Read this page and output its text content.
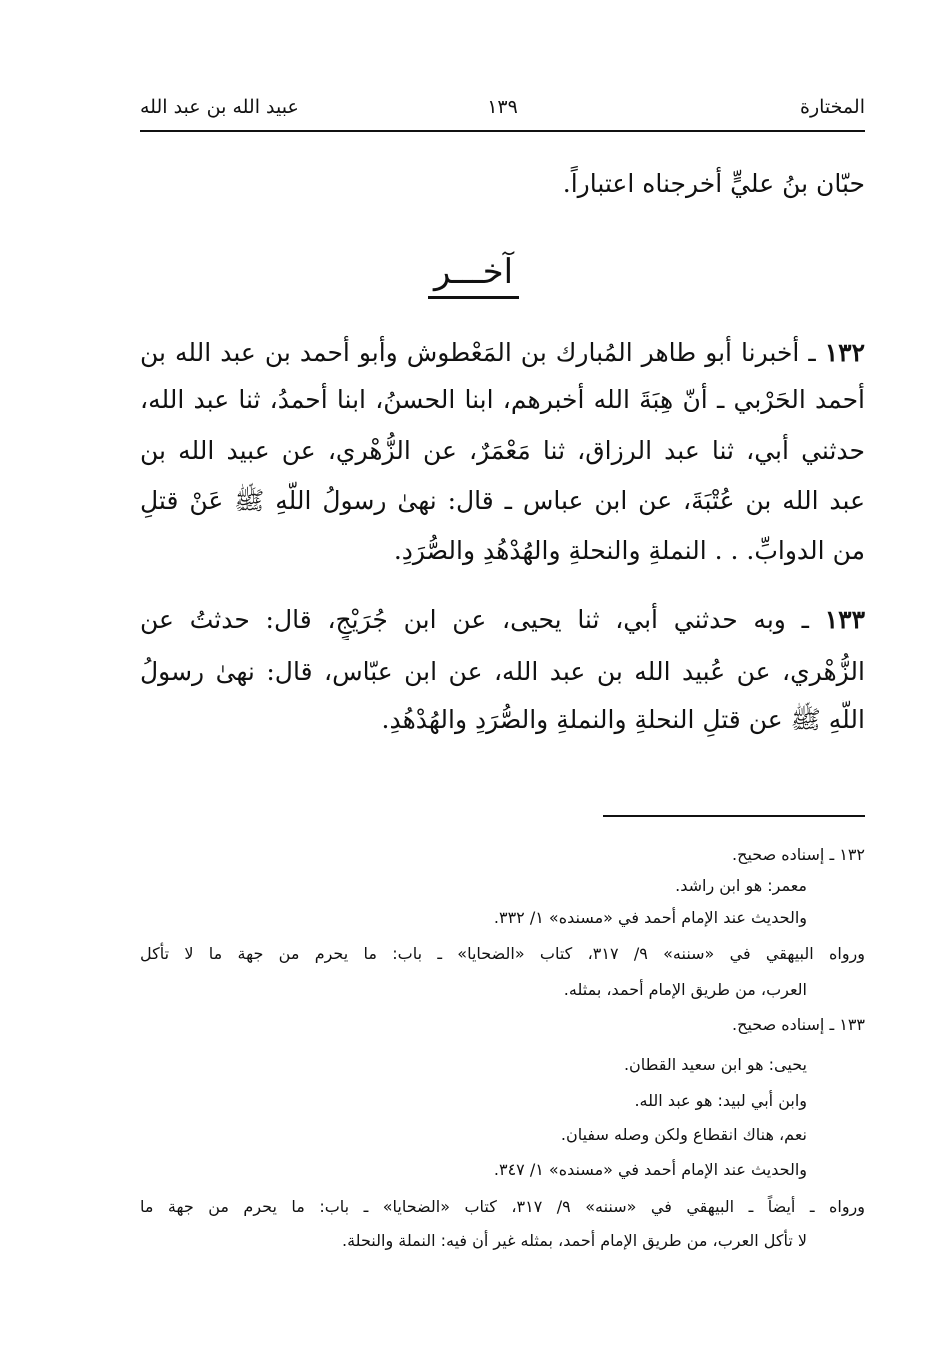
المختارة
١٣٩
عبيد الله بن عبد الله
حبّان بنُ عليٍّ أخرجناه اعتباراً.
آخـــر
١٣٢ ـ أخبرنا أبو طاهر المُبارك بن المَعْطوش وأبو أحمد بن عبد الله بن
أحمد الحَرْبي ـ أنّ هِبَةَ الله أخبرهم، ابنا الحسنُ، ابنا أحمدُ، ثنا عبد الله،
حدثني أبي، ثنا عبد الرزاق، ثنا مَعْمَرٌ، عن الزُّهْري، عن عبيد الله بن
عبد الله بن عُتْبَةَ، عن ابن عباس ـ قال: نهىٰ رسولُ اللَّهِ ﷺ عَنْ قتلِ
من الدوابِّ. . . النملةِ والنحلةِ والهُدْهُدِ والصُّرَدِ.
١٣٣ ـ وبه حدثني أبي، ثنا يحيى، عن ابن جُرَيْجٍ، قال: حدثتُ عن
الزُّهْري، عن عُبيد الله بن عبد الله، عن ابن عبّاس، قال: نهىٰ رسولُ
اللَّهِ ﷺ عن قتلِ النحلةِ والنملةِ والصُّرَدِ والهُدْهُدِ.
١٣٢ ـ إسناده صحيح.
معمر: هو ابن راشد.
والحديث عند الإمام أحمد في «مسنده» ١/ ٣٣٢.
ورواه البيهقي في «سننه» ٩/ ٣١٧، كتاب «الضحايا» ـ باب: ما يحرم من جهة ما لا تأكل
العرب، من طريق الإمام أحمد، بمثله.
١٣٣ ـ إسناده صحيح.
يحيى: هو ابن سعيد القطان.
وابن أبي لبيد: هو عبد الله.
نعم، هناك انقطاع ولكن وصله سفيان.
والحديث عند الإمام أحمد في «مسنده» ١/ ٣٤٧.
ورواه ـ أيضاً ـ البيهقي في «سننه» ٩/ ٣١٧، كتاب «الضحايا» ـ باب: ما يحرم من جهة ما
لا تأكل العرب، من طريق الإمام أحمد، بمثله غير أن فيه: النملة والنحلة.
